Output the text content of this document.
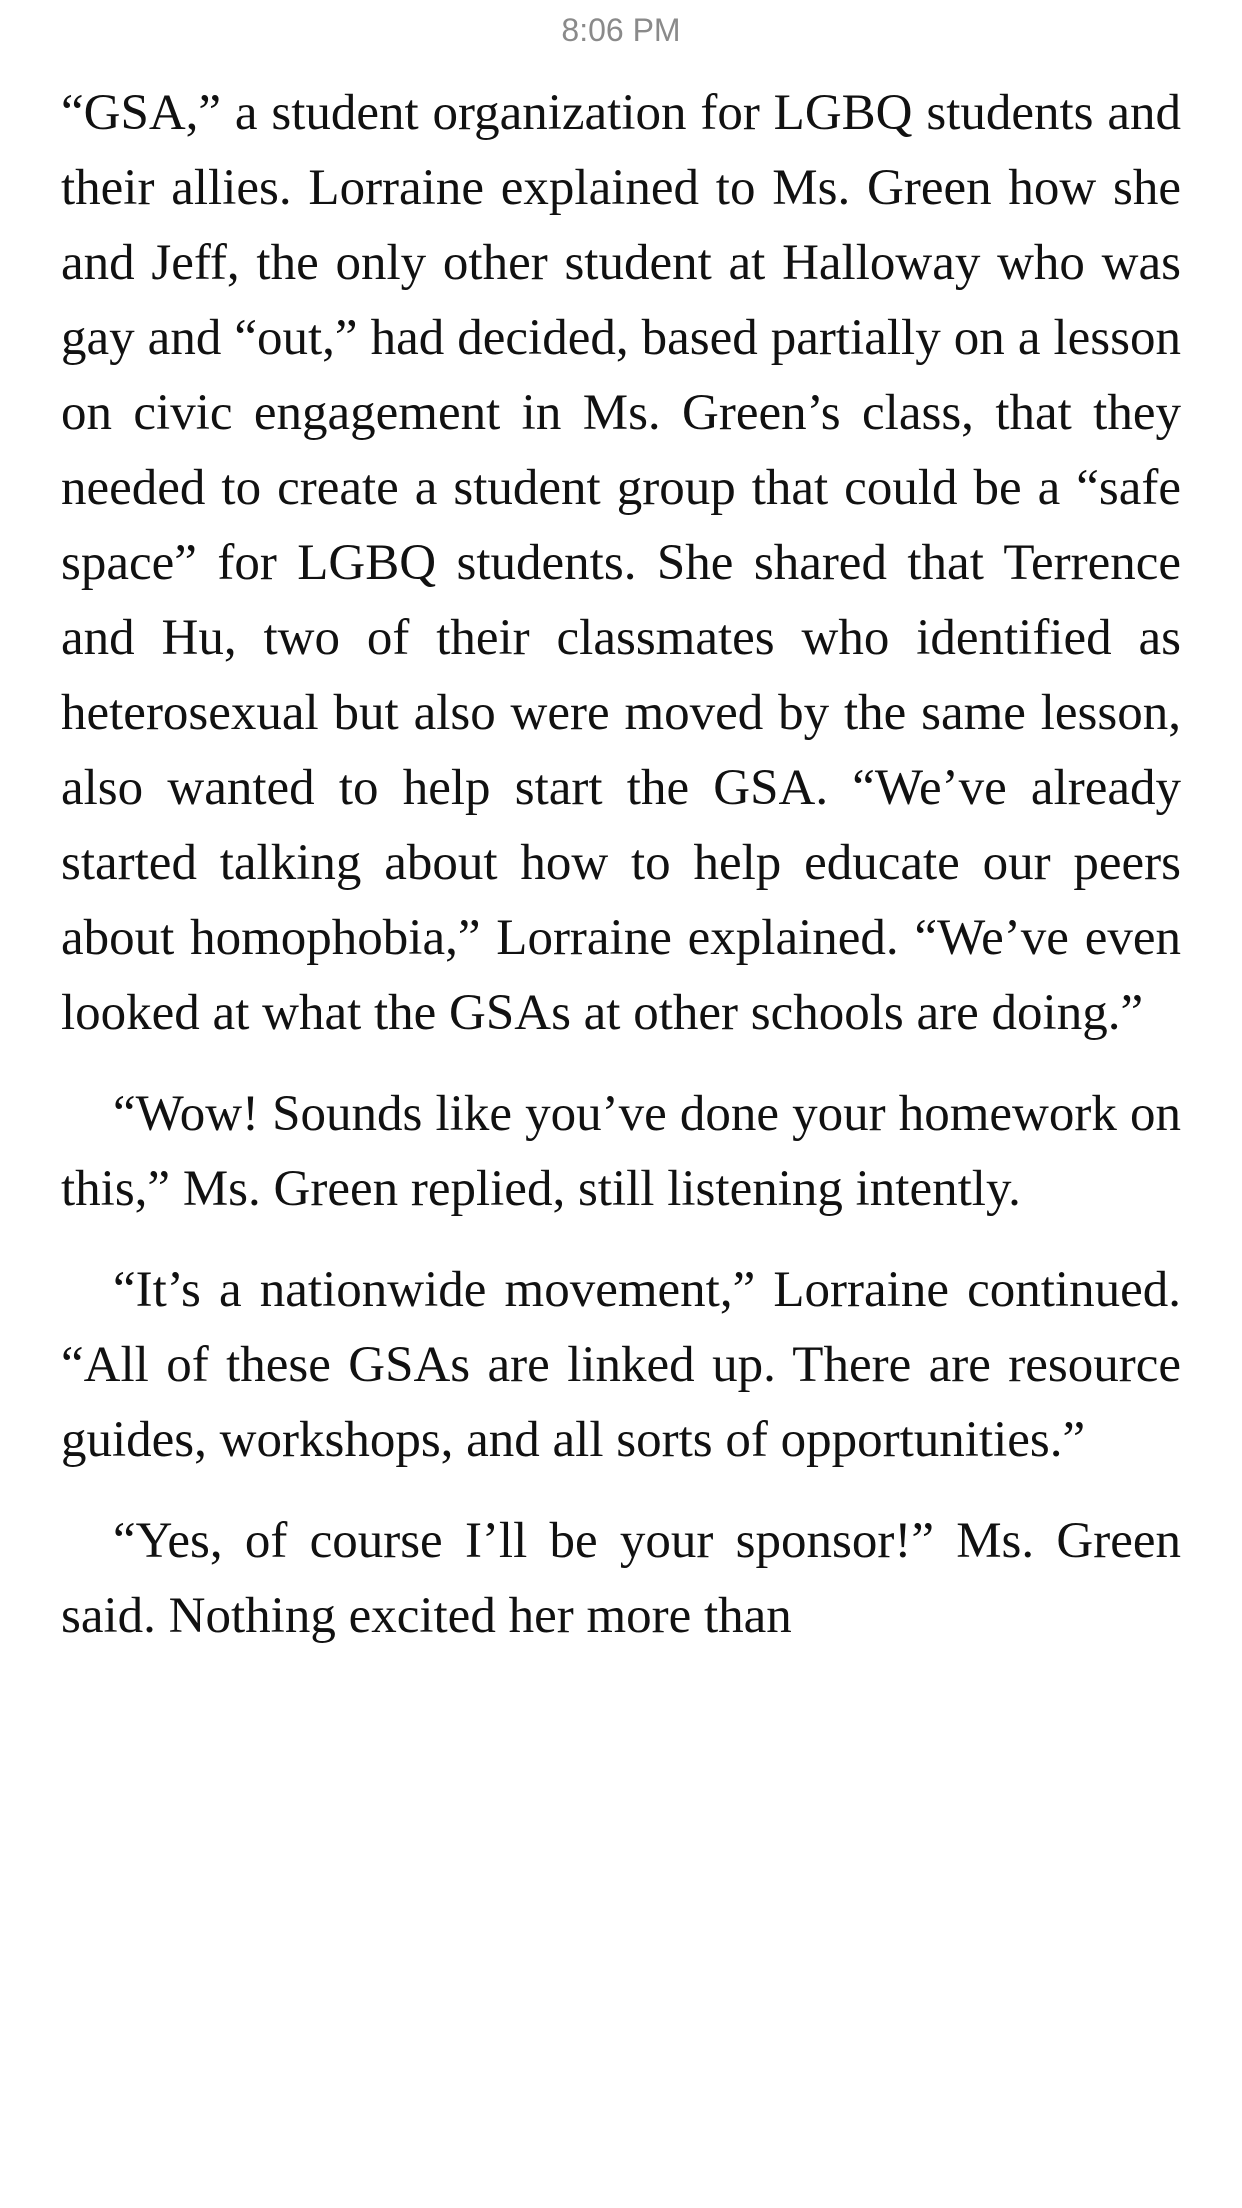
8:06 PM

“GSA,” a student organization for LGBQ students and their allies. Lorraine explained to Ms. Green how she and Jeff, the only other student at Halloway who was gay and “out,” had decided, based partially on a lesson on civic engagement in Ms. Green’s class, that they needed to create a student group that could be a “safe space” for LGBQ students. She shared that Terrence and Hu, two of their classmates who identified as heterosexual but also were moved by the same lesson, also wanted to help start the GSA. “We’ve already started talking about how to help educate our peers about homophobia,” Lorraine explained. “We’ve even looked at what the GSAs at other schools are doing.”

“Wow! Sounds like you’ve done your homework on this,” Ms. Green replied, still listening intently.

“It’s a nationwide movement,” Lorraine continued. “All of these GSAs are linked up. There are resource guides, workshops, and all sorts of opportunities.”

“Yes, of course I’ll be your sponsor!” Ms. Green said. Nothing excited her more than
